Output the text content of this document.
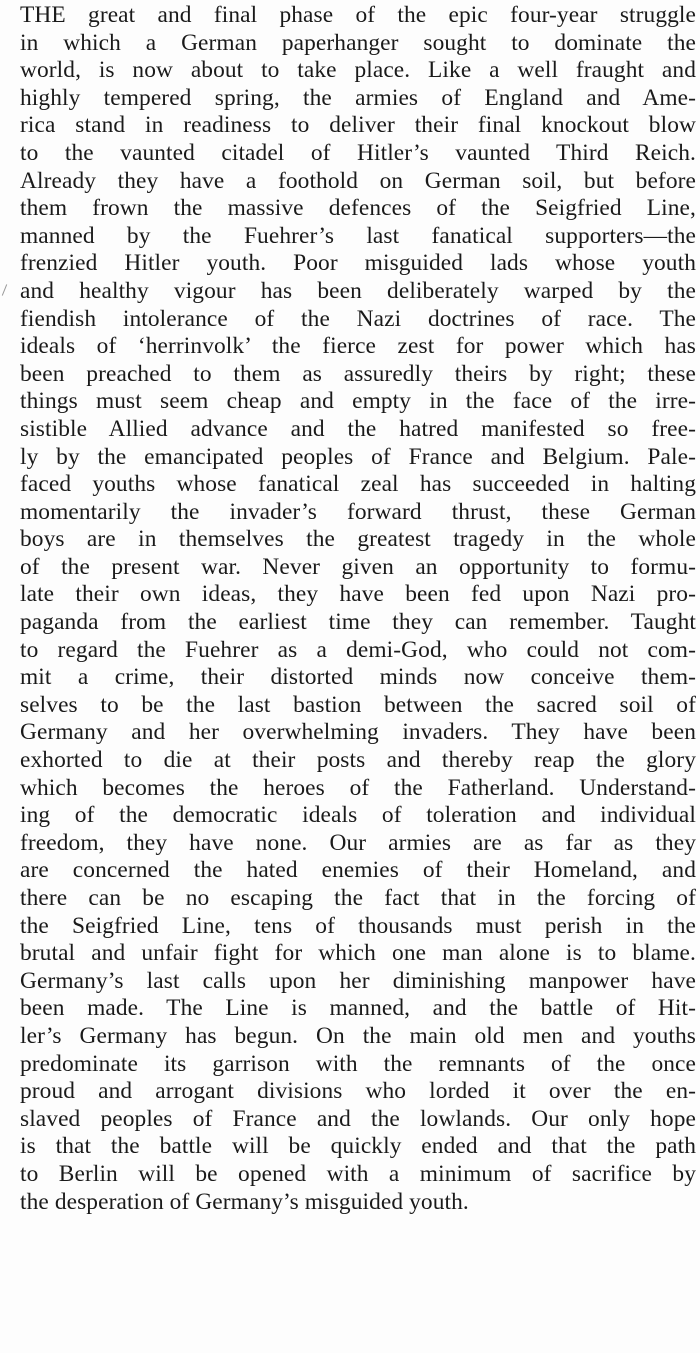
THE great and final phase of the epic four-year struggle
in which a German paperhanger sought to dominate the
world, is now about to take place. Like a well fraught and
highly tempered spring, the armies of England and Ame-
rica stand in readiness to deliver their final knockout blow
to the vaunted citadel of Hitler’s vaunted Third Reich.
Already they have a foothold on German soil, but before
them frown the massive defences of the Seigfried Line,
manned by the Fuehrer’s last fanatical supporters—the
frenzied Hitler youth. Poor misguided lads whose youth
and healthy vigour has been deliberately warped by the
fiendish intolerance of the Nazi doctrines of race. The
ideals of ‘herrinvolk’ the fierce zest for power which has
been preached to them as assuredly theirs by right; these
things must seem cheap and empty in the face of the irre-
sistible Allied advance and the hatred manifested so free-
ly by the emancipated peoples of France and Belgium. Pale-
faced youths whose fanatical zeal has succeeded in halting
momentarily the invader’s forward thrust, these German
boys are in themselves the greatest tragedy in the whole
of the present war. Never given an opportunity to formu-
late their own ideas, they have been fed upon Nazi pro-
paganda from the earliest time they can remember. Taught
to regard the Fuehrer as a demi-God, who could not com-
mit a crime, their distorted minds now conceive them-
selves to be the last bastion between the sacred soil of
Germany and her overwhelming invaders. They have been
exhorted to die at their posts and thereby reap the glory
which becomes the heroes of the Fatherland. Understand-
ing of the democratic ideals of toleration and individual
freedom, they have none. Our armies are as far as they
are concerned the hated enemies of their Homeland, and
there can be no escaping the fact that in the forcing of
the Seigfried Line, tens of thousands must perish in the
brutal and unfair fight for which one man alone is to blame.
Germany’s last calls upon her diminishing manpower have
been made. The Line is manned, and the battle of Hit-
ler’s Germany has begun. On the main old men and youths
predominate its garrison with the remnants of the once
proud and arrogant divisions who lorded it over the en-
slaved peoples of France and the lowlands. Our only hope
is that the battle will be quickly ended and that the path
to Berlin will be opened with a minimum of sacrifice by
the desperation of Germany’s misguided youth.
